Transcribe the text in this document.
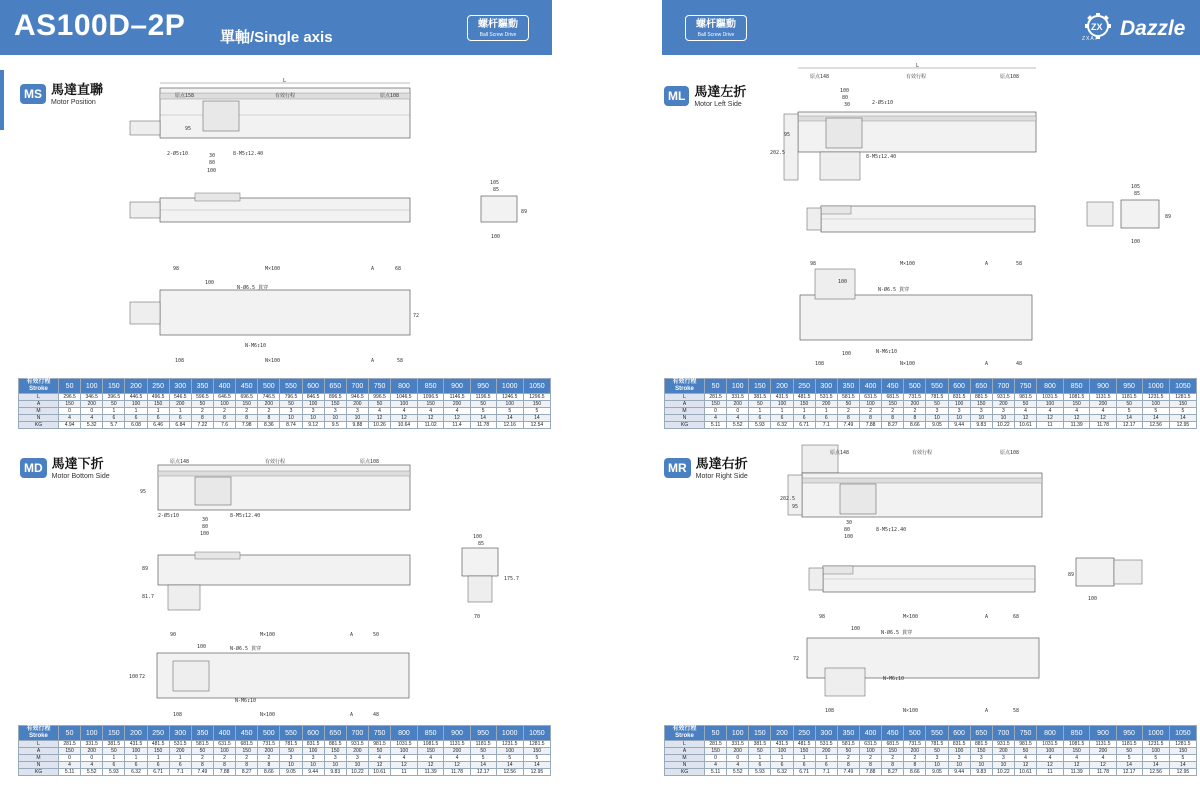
AS100D–2P 單軸/Single axis
螺杆驅動
Ball Screw Drive
螺杆驅動
Ball Screw Drive
ZX
ZXAT Dazzle
MS 馬達直聯
Motor Position
MD 馬達下折
Motor Bottom Side
ML 馬達左折
Motor Left Side
MR 馬達右折
Motor Right Side
L
原点158	有效行程	原点108
95
2-Ø5↧10	8-M5↧12.40
30
80
100
105
85
89
100
98	M×100	A	68
100
N-Ø6.5 貫穿
N-M6↧10
72
108	N×100	A	58
原点148	有效行程	原点108
95
2-Ø5↧10	8-M5↧12.40
30
80
100
89
81.7
100
85
175.7
70
90	M×100	A	50
100	N-Ø6.5 貫穿
N-M6↧10
100 72
108	N×100	A	48
L
原点148	有效行程	原点108
100
80
30	2-Ø5↧10
202.5
95
8-M5↧12.40
105
85
89
100
98	M×100	A	58
100
N-Ø6.5 貫穿
N-M6↧10
100
108	N×100	A	48
原点148	有效行程	原点108
202.5
95
30
80
100
8-M5↧12.40
89
100
98	M×100	A	68
100
N-Ø6.5 貫穿
72
N-M6↧10
108	N×100	A	58
有效行程
Stroke	50	100	150	200	250	300	350	400	450	500	550	600	650	700	750	800	850	900	950	1000	1050
L	296.5	346.5	396.5	446.5	496.5	546.5	596.5	646.5	696.5	746.5	796.5	846.5	896.5	946.5	996.5	1046.5	1096.5	1146.5	1196.5	1246.5	1296.5
A	150	200	50	100	150	200	50	100	150	200	50	100	150	200	50	100	150	200	50	100	150
M	0	0	1	1	1	1	2	2	2	2	3	3	3	3	4	4	4	4	5	5	5
N	4	4	6	6	6	6	8	8	8	8	10	10	10	10	12	12	12	12	14	14	14
KG	4.94	5.32	5.7	6.08	6.46	6.84	7.22	7.6	7.98	8.36	8.74	9.12	9.5	9.88	10.26	10.64	11.02	11.4	11.78	12.16	12.54
有效行程
Stroke	50	100	150	200	250	300	350	400	450	500	550	600	650	700	750	800	850	900	950	1000	1050
L	281.5	331.5	381.5	431.5	481.5	531.5	581.5	631.5	681.5	731.5	781.5	831.5	881.5	931.5	981.5	1031.5	1081.5	1131.5	1181.5	1231.5	1281.5
A	150	200	50	100	150	200	50	100	150	200	50	100	150	200	50	100	150	200	50	100	150
M	0	0	1	1	1	1	2	2	2	2	3	3	3	3	4	4	4	4	5	5	5
N	4	4	6	6	6	6	8	8	8	8	10	10	10	10	12	12	12	12	14	14	14
KG	5.11	5.52	5.93	6.32	6.71	7.1	7.49	7.88	8.27	8.66	9.05	9.44	9.83	10.22	10.61	11	11.39	11.78	12.17	12.56	12.95
有效行程
Stroke	50	100	150	200	250	300	350	400	450	500	550	600	650	700	750	800	850	900	950	1000	1050
L	281.5	331.5	381.5	431.5	481.5	531.5	581.5	631.5	681.5	731.5	781.5	831.5	881.5	931.5	981.5	1031.5	1081.5	1131.5	1181.5	1231.5	1281.5
A	150	200	50	100	150	200	50	100	150	200	50	100	150	200	50	100	150	200	50	100	150
M	0	0	1	1	1	1	2	2	2	2	3	3	3	3	4	4	4	4	5	5	5
N	4	4	6	6	6	6	8	8	8	8	10	10	10	10	12	12	12	12	14	14	14
KG	5.11	5.52	5.93	6.32	6.71	7.1	7.49	7.88	8.27	8.66	9.05	9.44	9.83	10.22	10.61	11	11.39	11.78	12.17	12.56	12.95
有效行程
Stroke	50	100	150	200	250	300	350	400	450	500	550	600	650	700	750	800	850	900	950	1000	1050
L	281.5	331.5	381.5	431.5	481.5	531.5	581.5	631.5	681.5	731.5	781.5	831.5	881.5	931.5	981.5	1031.5	1081.5	1131.5	1181.5	1231.5	1281.5
A	150	200	50	100	150	200	50	100	150	200	50	100	150	200	50	100	150	200	50	100	150
M	0	0	1	1	1	1	2	2	2	2	3	3	3	3	4	4	4	4	5	5	5
N	4	4	6	6	6	6	8	8	8	8	10	10	10	10	12	12	12	12	14	14	14
KG	5.11	5.52	5.93	6.32	6.71	7.1	7.49	7.88	8.27	8.66	9.05	9.44	9.83	10.22	10.61	11	11.39	11.78	12.17	12.56	12.95
